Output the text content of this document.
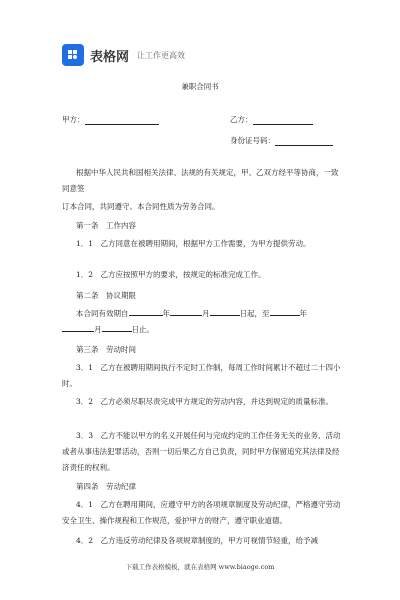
表格网 让工作更高效
兼职合同书
甲方：	乙方：
身份证号码：

根据中华人民共和国相关法律、法规的有关规定，甲、乙双方经平等协商，一致同意签

订本合同，共同遵守。本合同性质为劳务合同。

第一条　工作内容

1．1　乙方同意在被聘用期间，根据甲方工作需要，为甲方提供劳动。

1．2　乙方应按照甲方的要求，按规定的标准完成工作。

第二条　协议期限

本合同有效期自	年	月	日起，至	年
月	日止。

第三条　劳动时间

3．1　乙方在被聘用期间执行不定时工作制，每周工作时间累计不超过二十四小时。

3．2　乙方必须尽职尽责完成甲方规定的劳动内容，并达到规定的质量标准。

3．3　乙方不能以甲方的名义开展任何与完成约定的工作任务无关的业务、活动或者从事违法犯罪活动，否则一切后果乙方自己负责，同时甲方保留追究其法律及经济责任的权利。

第四条　劳动纪律

4．1　乙方在聘用期间，应遵守甲方的各项规章制度及劳动纪律，严格遵守劳动安全卫生、操作规程和工作规范，爱护甲方的财产，遵守职业道德。

4．2　乙方违反劳动纪律及各项规章制度的，甲方可视情节轻重，给予减

下载工作表格模板，就在表格网 www.biaoge.com
